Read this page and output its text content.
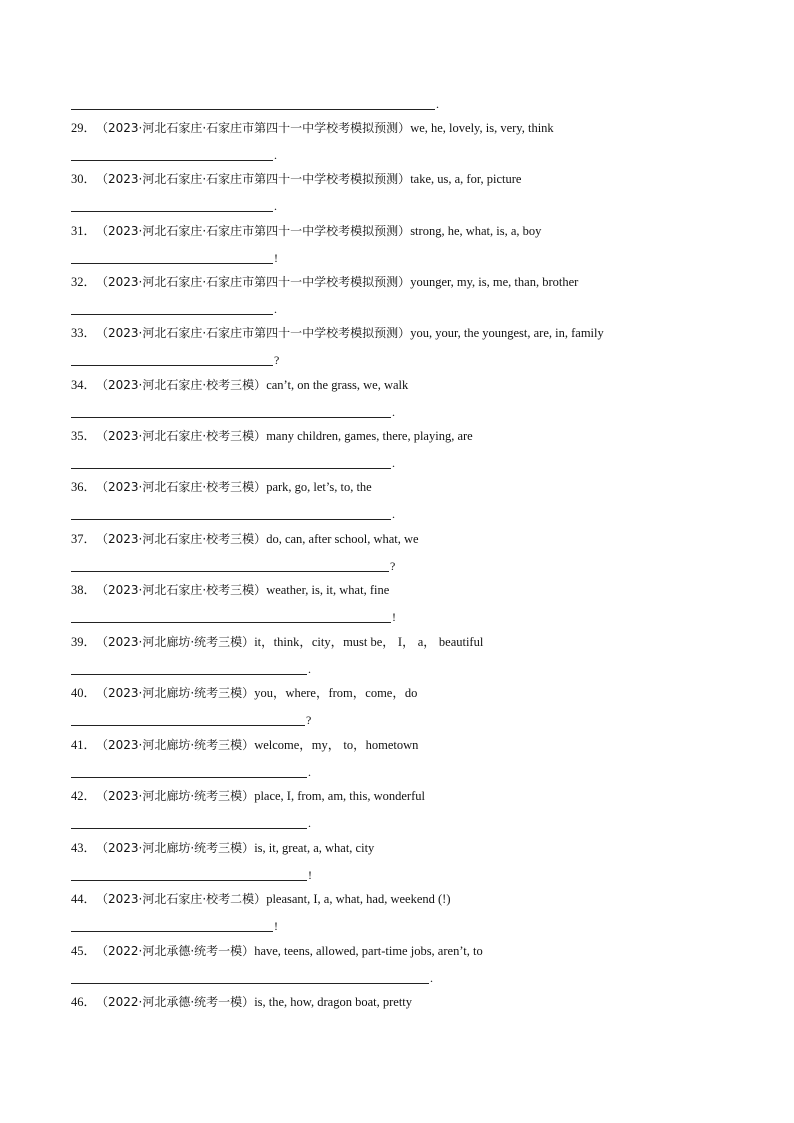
.
29．（2023·河北石家庄·石家庄市第四十一中学校考模拟预测）we, he, lovely, is, very, think
.
30．（2023·河北石家庄·石家庄市第四十一中学校考模拟预测）take, us, a, for, picture
.
31．（2023·河北石家庄·石家庄市第四十一中学校考模拟预测）strong, he, what, is, a, boy
!
32．（2023·河北石家庄·石家庄市第四十一中学校考模拟预测）younger, my, is, me, than, brother
.
33．（2023·河北石家庄·石家庄市第四十一中学校考模拟预测）you, your, the youngest, are, in, family
?
34．（2023·河北石家庄·校考三模）can’t, on the grass, we, walk
.
35．（2023·河北石家庄·校考三模）many children, games, there, playing, are
.
36．（2023·河北石家庄·校考三模）park, go, let’s, to, the
.
37．（2023·河北石家庄·校考三模）do, can, after school, what, we
?
38．（2023·河北石家庄·校考三模）weather, is, it, what, fine
!
39．（2023·河北廊坊·统考三模）it，think，city，must be， I， a， beautiful
.
40．（2023·河北廊坊·统考三模）you，where，from，come，do
?
41．（2023·河北廊坊·统考三模）welcome，my， to，hometown
.
42．（2023·河北廊坊·统考三模）place, I, from, am, this, wonderful
.
43．（2023·河北廊坊·统考三模）is, it, great, a, what, city
!
44．（2023·河北石家庄·校考二模）pleasant, I, a, what, had, weekend (!)
!
45．（2022·河北承德·统考一模）have, teens, allowed, part-time jobs, aren’t, to
.
46．（2022·河北承德·统考一模）is, the, how, dragon boat, pretty
